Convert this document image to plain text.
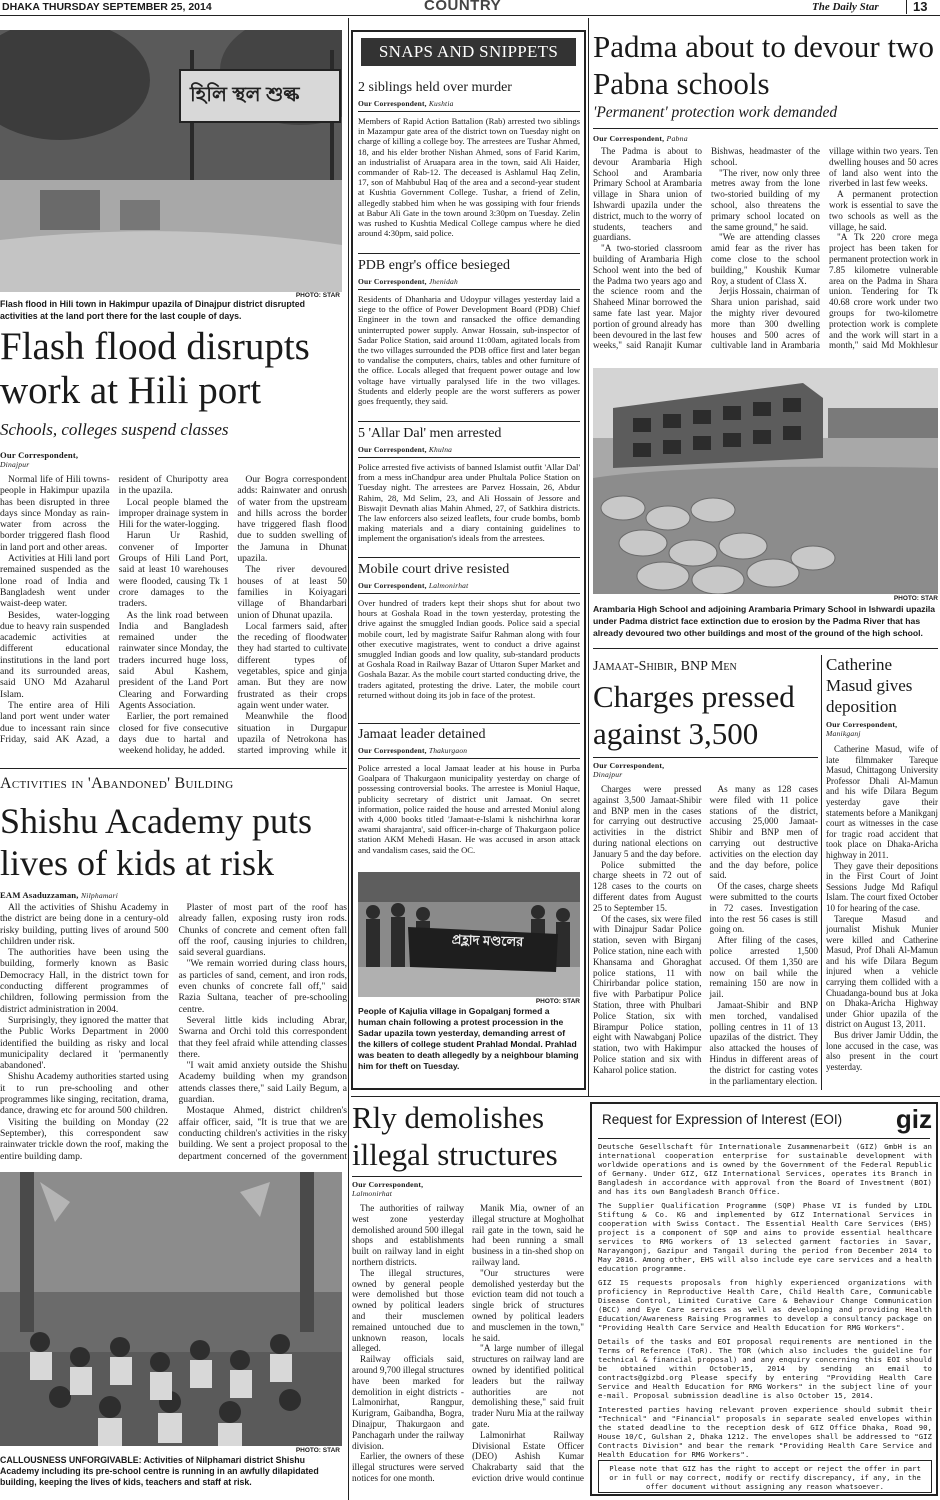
DHAKA THURSDAY SEPTEMBER 25, 2014	COUNTRY	The Daily Star	13
হিলি স্থল শুল্ক
PHOTO: STAR
Flash flood in Hili town in Hakimpur upazila of Dinajpur district disrupted activities at the land port there for the last couple of days.
Flash flood disrupts work at Hili port
Schools, colleges suspend classes
Our Correspondent,
Dinajpur

Normal life of Hili towns-people in Hakimpur upazila has been disrupted in three days since Monday as rain-water from across the border triggered flash flood in land port and other areas.

Activities at Hili land port remained suspended as the lone road of India and Bangladesh went under waist-deep water.

Besides, water-logging due to heavy rain suspended academic activities at different educational institutions in the land port and its surrounded areas, said UNO Md Azaharul Islam.

The entire area of Hili land port went under water due to incessant rain since Friday, said AK Azad, a resident of Churipotty area in the upazila.

Local people blamed the improper drainage system in Hili for the water-logging.

Harun Ur Rashid, convener of Importer Groups of Hili Land Port, said at least 10 warehouses were flooded, causing Tk 1 crore damages to the traders.

As the link road between India and Bangladesh remained under the rainwater since Monday, the traders incurred huge loss, said Abul Kashem, president of the Land Port Clearing and Forwarding Agents Association.

Earlier, the port remained closed for five consecutive days due to hartal and weekend holiday, he added.

Our Bogra correspondent adds: Rainwater and onrush of water from the upstream and hills across the border have triggered flash flood due to sudden swelling of the Jamuna in Dhunat upazila.

The river devoured houses of at least 50 families in Koiyagari village of Bhandarbari union of Dhunat upazila.

Local farmers said, after the receding of floodwater they had started to cultivate different types of vegetables, spice and ginja aman. But they are now frustrated as their crops again went under water.

Meanwhile the flood situation in Durgapur upazila of Netrokona has started improving while it

Activities in 'Abandoned' Building
Shishu Academy puts lives of kids at risk
EAM Asaduzzaman, Nilphamari

All the activities of Shishu Academy in the district are being done in a century-old risky building, putting lives of around 500 children under risk.

The authorities have been using the building, formerly known as Basic Democracy Hall, in the district town for conducting different programmes of children, following permission from the district administration in 2004.

Surprisingly, they ignored the matter that the Public Works Department in 2000 identified the building as risky and local municipality declared it 'permanently abandoned'.

Shishu Academy authorities started using it to run pre-schooling and other programmes like singing, recitation, drama, dance, drawing etc for around 500 children.

Visiting the building on Monday (22 September), this correspondent saw rainwater trickle down the roof, making the entire building damp.

Plaster of most part of the roof has already fallen, exposing rusty iron rods. Chunks of concrete and cement often fall off the roof, causing injuries to children, said several guardians.

"We remain worried during class hours, as particles of sand, cement, and iron rods, even chunks of concrete fall off," said Razia Sultana, teacher of pre-schooling centre.

Several little kids including Abrar, Swarna and Orchi told this correspondent that they feel afraid while attending classes there.

"I wait amid anxiety outside the Shishu Academy building when my grandson attends classes there," said Laily Begum, a guardian.

Mostaque Ahmed, district children's affair officer, said, "It is true that we are conducting children's activities in the risky building. We sent a project proposal to the department concerned of the government

PHOTO: STAR
CALLOUSNESS UNFORGIVABLE: Activities of Nilphamari district Shishu Academy including its pre-school centre is running in an awfully dilapidated building, keeping the lives of kids, teachers and staff at risk.
SNAPS AND SNIPPETS
2 siblings held over murder
Our Correspondent, Kushtia
Members of Rapid Action Battalion (Rab) arrested two siblings in Mazampur gate area of the district town on Tuesday night on charge of killing a college boy. The arrestees are Tushar Ahmed, 18, and his elder brother Nishan Ahmed, sons of Farid Karim, an industrialist of Aruapara area in the town, said Ali Haider, commander of Rab-12. The deceased is Ashlamul Haq Zelin, 17, son of Mahbubul Haq of the area and a second-year student at Kushtia Government College. Tushar, a friend of Zelin, allegedly stabbed him when he was gossiping with four friends at Babur Ali Gate in the town around 3:30pm on Tuesday. Zelin was rushed to Kushtia Medical College campus where he died around 4:30pm, said police.
PDB engr's office besieged
Our Correspondent, Jhenidah
Residents of Dhanharia and Udoypur villages yesterday laid a siege to the office of Power Development Board (PDB) Chief Engineer in the town and ransacked the office demanding uninterrupted power supply. Anwar Hossain, sub-inspector of Sadar Police Station, said around 11:00am, agitated locals from the two villages surrounded the PDB office first and later began to vandalise the computers, chairs, tables and other furniture of the office. Locals alleged that frequent power outage and low voltage have virtually paralysed life in the two villages. Students and elderly people are the worst sufferers as power goes frequently, they said.
5 'Allar Dal' men arrested
Our Correspondent, Khulna
Police arrested five activists of banned Islamist outfit 'Allar Dal' from a mess inChandpur area under Phultala Police Station on Tuesday night. The arrestees are Parvez Hossain, 26, Abdur Rahim, 28, Md Selim, 23, and Ali Hossain of Jessore and Biswajit Devnath alias Mahin Ahmed, 27, of Satkhira districts. The law enforcers also seized leaflets, four crude bombs, bomb making materials and a diary containing guidelines to implement the organisation's ideals from the arrestees.
Mobile court drive resisted
Our Correspondent, Lalmonirhat
Over hundred of traders kept their shops shut for about two hours at Goshala Road in the town yesterday, protesting the drive against the smuggled Indian goods. Police said a special mobile court, led by magistrate Saifur Rahman along with four other executive magistrates, went to conduct a drive against smuggled Indian goods and low quality, sub-standard products at Goshala Road in Railway Bazar of Uttaron Super Market and Goshala Bazar. As the mobile court started conducting drive, the traders agitated, protesting the drive. Later, the mobile court returned without doing its job in face of the protest.
Jamaat leader detained
Our Correspondent, Thakurgaon
Police arrested a local Jamaat leader at his house in Purba Goalpara of Thakurgaon municipality yesterday on charge of possessing controversial books. The arrestee is Moniul Haque, publicity secretary of district unit Jamaat. On secret information, police raided the house and arrested Moniul along with 4,000 books titled 'Jamaat-e-Islami k nishchirhna korar awami sharajantra', said officer-in-charge of Thakurgaon police station AKM Mehedi Hasan. He was accused in arson attack and vandalism cases, said the OC.
প্রহ্লাদ মণ্ডলের
PHOTO: STAR
People of Kajulia village in Gopalganj formed a human chain following a protest procession in the Sadar upazila town yesterday, demanding arrest of the killers of college student Prahlad Mondal. Prahlad was beaten to death allegedly by a neighbour blaming him for theft on Tuesday.
Padma about to devour two Pabna schools
'Permanent' protection work demanded
Our Correspondent, Pabna

The Padma is about to devour Arambaria High School and Arambaria Primary School at Arambaria village in Shara union of Ishwardi upazila under the district, much to the worry of students, teachers and guardians.

"A two-storied classroom building of Arambaria High School went into the bed of the Padma two years ago and the science room and the Shaheed Minar borrowed the same fate last year. Major portion of ground already has been devoured in the last few weeks," said Ranajit Kumar Bishwas, headmaster of the school.

"The river, now only three metres away from the lone two-storied building of my school, also threatens the primary school located on the same ground," he said.

"We are attending classes amid fear as the river has come close to the school building," Koushik Kumar Roy, a student of Class X.

Jerjis Hossain, chairman of Shara union parishad, said the mighty river devoured more than 300 dwelling houses and 500 acres of cultivable land in Arambaria village within two years. Ten dwelling houses and 50 acres of land also went into the riverbed in last few weeks.

A permanent protection work is essential to save the two schools as well as the village, he said.

"A Tk 220 crore mega project has been taken for permanent protection work in 7.85 kilometre vulnerable area on the Padma in Shara union. Tendering for Tk 40.68 crore work under two groups for two-kilometre protection work is complete and the work will start in a month," said Md Mokhlesur

PHOTO: STAR
Arambaria High School and adjoining Arambaria Primary School in Ishwardi upazila under Padma district face extinction due to erosion by the Padma River that has already devoured two other buildings and most of the ground of the high school.
Jamaat-Shibir, BNP Men
Charges pressed against 3,500
Our Correspondent,
Dinajpur

Charges were pressed against 3,500 Jamaat-Shibir and BNP men in the cases for carrying out destructive activities in the district during national elections on January 5 and the day before.

Police submitted the charge sheets in 72 out of 128 cases to the courts on different dates from August 25 to September 15.

Of the cases, six were filed with Dinajpur Sadar Police station, seven with Birganj Police station, nine each with Khansama and Ghoraghat police stations, 11 with Chirirbandar police station, five with Parbatipur Police Station, three with Phulbari Police Station, six with Birampur Police station, eight with Nawabganj Police station, two with Hakimpur Police station and six with Kaharol police station.

As many as 128 cases were filed with 11 police stations of the district, accusing 25,000 Jamaat-Shibir and BNP men of carrying out destructive activities on the election day and the day before, police said.

Of the cases, charge sheets were submitted to the courts in 72 cases. Investigation into the rest 56 cases is still going on.

After filing of the cases, police arrested 1,500 accused. Of them 1,350 are now on bail while the remaining 150 are now in jail.

Jamaat-Shibir and BNP men torched, vandalised polling centres in 11 of 13 upazilas of the district. They also attacked the houses of Hindus in different areas of the district for casting votes in the parliamentary election.

Catherine Masud gives deposition
Our Correspondent,
Manikganj

Catherine Masud, wife of late filmmaker Tareque Masud, Chittagong University Professor Dhali Al-Mamun and his wife Dilara Begum yesterday gave their statements before a Manikganj court as witnesses in the case for tragic road accident that took place on Dhaka-Aricha highway in 2011.

They gave their depositions in the First Court of Joint Sessions Judge Md Rafiqul Islam. The court fixed October 10 for hearing of the case.

Tareque Masud and journalist Mishuk Munier were killed and Catherine Masud, Prof Dhali Al-Mamun and his wife Dilara Begum injured when a vehicle carrying them collided with a Chuadanga-bound bus at Joka on Dhaka-Aricha Highway under Ghior upazila of the district on August 13, 2011.

Bus driver Jamir Uddin, the lone accused in the case, was also present in the court yesterday.

Rly demolishes illegal structures
Our Correspondent,
Lalmonirhat

The authorities of railway west zone yesterday demolished around 500 illegal shops and establishments built on railway land in eight northern districts.

The illegal structures, owned by general people were demolished but those owned by political leaders and their musclemen remained untouched due to unknown reason, locals alleged.

Railway officials said, around 9,700 illegal structures have been marked for demolition in eight districts - Lalmonirhat, Rangpur, Kurigram, Gaibandha, Bogra, Dinajpur, Thakurgaon and Panchagarh under the railway division.

Earlier, the owners of these illegal structures were served notices for one month.

Manik Mia, owner of an illegal structure at Mogholhat rail gate in the town, said he had been running a small business in a tin-shed shop on railway land.

"Our structures were demolished yesterday but the eviction team did not touch a single brick of structures owned by political leaders and musclemen in the town," he said.

"A large number of illegal structures on railway land are owned by identified political leaders but the railway authorities are not demolishing these," said fruit trader Nuru Mia at the railway gate.

Lalmonirhat Railway Divisional Estate Officer (DEO) Ashish Kumar Chakrabarty said that the eviction drive would continue

Request for Expression of Interest (EOI)	giz

Deutsche Gesellschaft für Internationale Zusammenarbeit (GIZ) GmbH is an international cooperation enterprise for sustainable development with worldwide operations and is owned by the Government of the Federal Republic of Germany. Under GIZ, GIZ International Services, operates its Branch in Bangladesh in accordance with approval from the Board of Investment (BOI) and has its own Bangladesh Branch Office.

The Supplier Qualification Programme (SQP) Phase VI is funded by LIDL Stiftung & Co. KG and implemented by GIZ International Services in cooperation with Swiss Contact. The Essential Health Care Services (EHS) project is a component of SQP and aims to provide essential healthcare services to RMG workers of 13 selected garment factories in Savar, Narayangonj, Gazipur and Tangail during the period from December 2014 to May 2016. Among other, EHS will also include eye care services and a health education programme.

GIZ IS requests proposals from highly experienced organizations with proficiency in Reproductive Health Care, Child Health Care, Communicable Disease Control, Limited Curative Care & Behaviour Change Communication (BCC) and Eye Care services as well as developing and providing Health Education/Awareness Raising Programmes to develop a consultancy package on "Providing Health Care Service and Health Education for RMG Workers".

Details of the tasks and EOI proposal requirements are mentioned in the Terms of Reference (ToR). The TOR (which also includes the guideline for technical & financial proposal) and any enquiry concerning this EOI should be obtained within October15, 2014 by sending an email to contracts@gizbd.org Please specify by entering "Providing Health Care Service and Health Education for RMG Workers" in the subject line of your e-mail. Proposal submission deadline is also October 15, 2014.

Interested parties having relevant proven experience should submit their "Technical" and "Financial" proposals in separate sealed envelopes within the stated deadline to the reception desk of GIZ Office Dhaka, Road 90, House 10/C, Gulshan 2, Dhaka 1212. The envelopes shall be addressed to "GIZ Contracts Division" and bear the remark "Providing Health Care Service and Health Education for RMG Workers".

Please note that GIZ has the right to accept or reject the offer in part or in full or may correct, modify or rectify discrepancy, if any, in the offer document without assigning any reason whatsoever.
